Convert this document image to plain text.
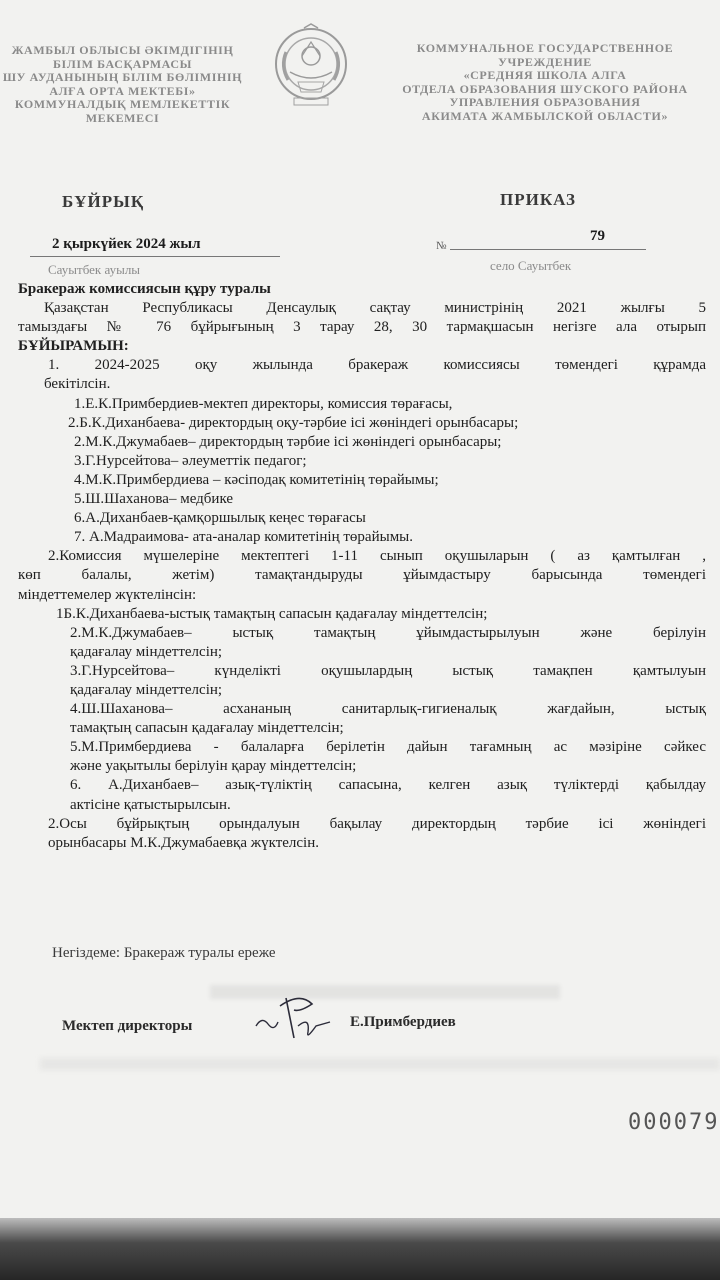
ЖАМБЫЛ ОБЛЫСЫ ӘКІМДІГІНІҢ
БІЛІМ БАСҚАРМАСЫ
ШУ АУДАНЫНЫҢ БІЛІМ БӨЛІМІНІҢ
АЛҒА ОРТА МЕКТЕБІ»
КОММУНАЛДЫҚ МЕМЛЕКЕТТІК
МЕКЕМЕСІ
КОММУНАЛЬНОЕ ГОСУДАРСТВЕННОЕ
УЧРЕЖДЕНИЕ
«СРЕДНЯЯ ШКОЛА АЛГА
ОТДЕЛА ОБРАЗОВАНИЯ ШУСКОГО РАЙОНА
УПРАВЛЕНИЯ ОБРАЗОВАНИЯ
АКИМАТА ЖАМБЫЛСКОЙ ОБЛАСТИ»
БҰЙРЫҚ	ПРИКАЗ
2 қыркүйек 2024 жыл	№
79
Сауытбек ауылы	село Сауытбек

Бракераж комиссиясын құру туралы

Қазақстан Республикасы Денсаулық сақтау министрінің 2021 жылғы 5

тамыздағы № 76 бұйрығының 3 тарау 28, 30 тармақшасын негізге ала отырып

БҰЙЫРАМЫН:

1. 2024-2025 оқу жылында бракераж комиссиясы төмендегі құрамда

бекітілсін.

1.Е.К.Примбердиев-мектеп директоры, комиссия төрағасы,

2.Б.К.Диханбаева- директордың оқу-тәрбие ісі жөніндегі орынбасары;

2.М.К.Джумабаев– директордың тәрбие ісі жөніндегі орынбасары;

3.Г.Нурсейтова– әлеуметтік педагог;

4.М.К.Примбердиева – кәсіподақ комитетінің төрайымы;

5.Ш.Шаханова– медбике

6.А.Диханбаев-қамқоршылық кеңес төрағасы

7. А.Мадраимова- ата-аналар комитетінің төрайымы.

2.Комиссия мүшелеріне мектептегі 1-11 сынып оқушыларын ( аз қамтылған ,

көп балалы, жетім) тамақтандыруды ұйымдастыру барысында төмендегі

міндеттемелер жүктелінсін:

1Б.К.Диханбаева-ыстық тамақтың сапасын қадағалау міндеттелсін;

2.М.К.Джумабаев– ыстық тамақтың ұйымдастырылуын және берілуін

қадағалау міндеттелсін;

3.Г.Нурсейтова– күнделікті оқушылардың ыстық тамақпен қамтылуын

қадағалау міндеттелсін;

4.Ш.Шаханова– асхананың санитарлық-гигиеналық жағдайын, ыстық

тамақтың сапасын қадағалау міндеттелсін;

5.М.Примбердиева - балаларға берілетін дайын тағамның ас мәзіріне сәйкес

және уақытылы берілуін қарау міндеттелсін;

6. А.Диханбаев– азық-түліктің сапасына, келген азық түліктерді қабылдау

актісіне қатыстырылсын.

2.Осы бұйрықтың орындалуын бақылау директордың тәрбие ісі жөніндегі

орынбасары М.К.Джумабаевқа жүктелсін.

Негіздеме: Бракераж туралы ереже
Мектеп директоры	Е.Примбердиев
000079
